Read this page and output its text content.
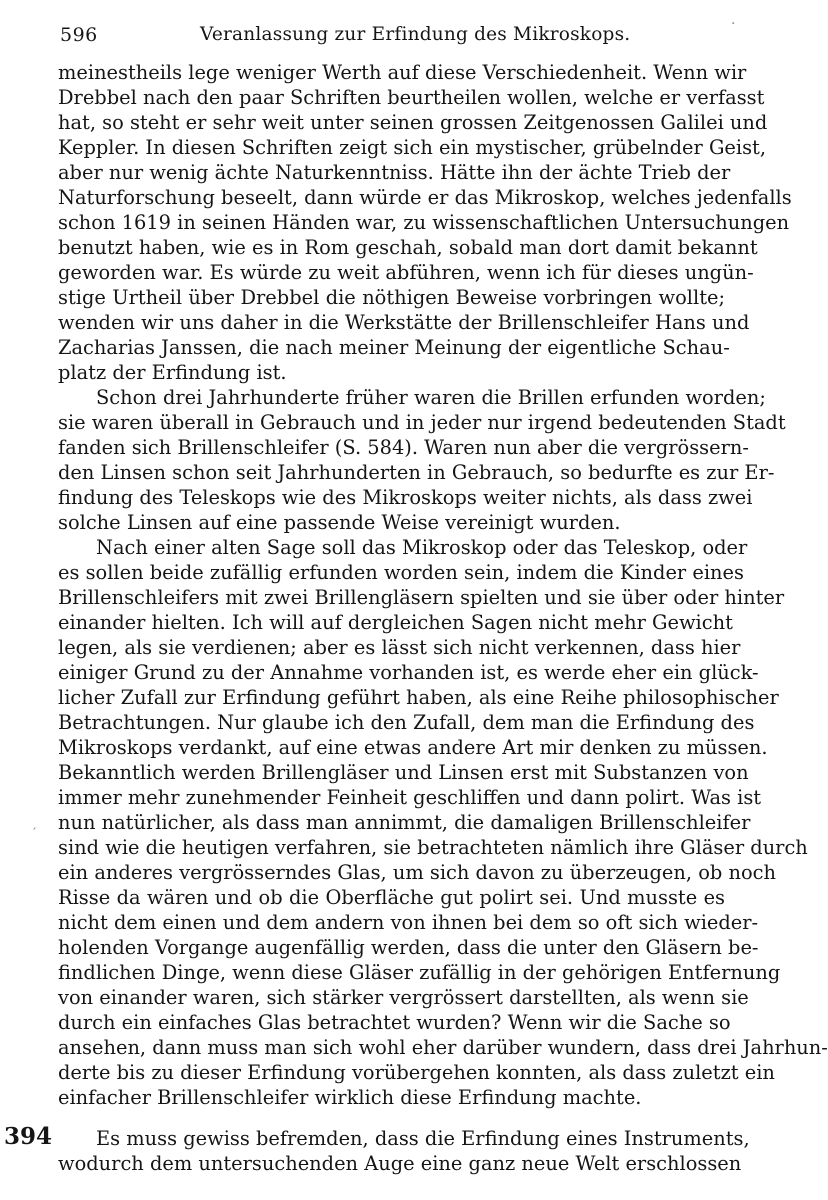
596	Veranlassung zur Erfindung des Mikroskops.
meinestheils lege weniger Werth auf diese Verschiedenheit. Wenn wir
Drebbel nach den paar Schriften beurtheilen wollen, welche er verfasst
hat, so steht er sehr weit unter seinen grossen Zeitgenossen Galilei und
Keppler. In diesen Schriften zeigt sich ein mystischer, grübelnder Geist,
aber nur wenig ächte Naturkenntniss. Hätte ihn der ächte Trieb der
Naturforschung beseelt, dann würde er das Mikroskop, welches jedenfalls
schon 1619 in seinen Händen war, zu wissenschaftlichen Untersuchungen
benutzt haben, wie es in Rom geschah, sobald man dort damit bekannt
geworden war. Es würde zu weit abführen, wenn ich für dieses ungün-
stige Urtheil über Drebbel die nöthigen Beweise vorbringen wollte;
wenden wir uns daher in die Werkstätte der Brillenschleifer Hans und
Zacharias Janssen, die nach meiner Meinung der eigentliche Schau-
platz der Erfindung ist.
Schon drei Jahrhunderte früher waren die Brillen erfunden worden;
sie waren überall in Gebrauch und in jeder nur irgend bedeutenden Stadt
fanden sich Brillenschleifer (S. 584). Waren nun aber die vergrössern-
den Linsen schon seit Jahrhunderten in Gebrauch, so bedurfte es zur Er-
findung des Teleskops wie des Mikroskops weiter nichts, als dass zwei
solche Linsen auf eine passende Weise vereinigt wurden.
Nach einer alten Sage soll das Mikroskop oder das Teleskop, oder
es sollen beide zufällig erfunden worden sein, indem die Kinder eines
Brillenschleifers mit zwei Brillengläsern spielten und sie über oder hinter
einander hielten. Ich will auf dergleichen Sagen nicht mehr Gewicht
legen, als sie verdienen; aber es lässt sich nicht verkennen, dass hier
einiger Grund zu der Annahme vorhanden ist, es werde eher ein glück-
licher Zufall zur Erfindung geführt haben, als eine Reihe philosophischer
Betrachtungen. Nur glaube ich den Zufall, dem man die Erfindung des
Mikroskops verdankt, auf eine etwas andere Art mir denken zu müssen.
Bekanntlich werden Brillengläser und Linsen erst mit Substanzen von
immer mehr zunehmender Feinheit geschliffen und dann polirt. Was ist
nun natürlicher, als dass man annimmt, die damaligen Brillenschleifer
sind wie die heutigen verfahren, sie betrachteten nämlich ihre Gläser durch
ein anderes vergrösserndes Glas, um sich davon zu überzeugen, ob noch
Risse da wären und ob die Oberfläche gut polirt sei. Und musste es
nicht dem einen und dem andern von ihnen bei dem so oft sich wieder-
holenden Vorgange augenfällig werden, dass die unter den Gläsern be-
findlichen Dinge, wenn diese Gläser zufällig in der gehörigen Entfernung
von einander waren, sich stärker vergrössert darstellten, als wenn sie
durch ein einfaches Glas betrachtet wurden? Wenn wir die Sache so
ansehen, dann muss man sich wohl eher darüber wundern, dass drei Jahrhun-
derte bis zu dieser Erfindung vorübergehen konnten, als dass zuletzt ein
einfacher Brillenschleifer wirklich diese Erfindung machte.
394 Es muss gewiss befremden, dass die Erfindung eines Instruments,
wodurch dem untersuchenden Auge eine ganz neue Welt erschlossen
·
′
